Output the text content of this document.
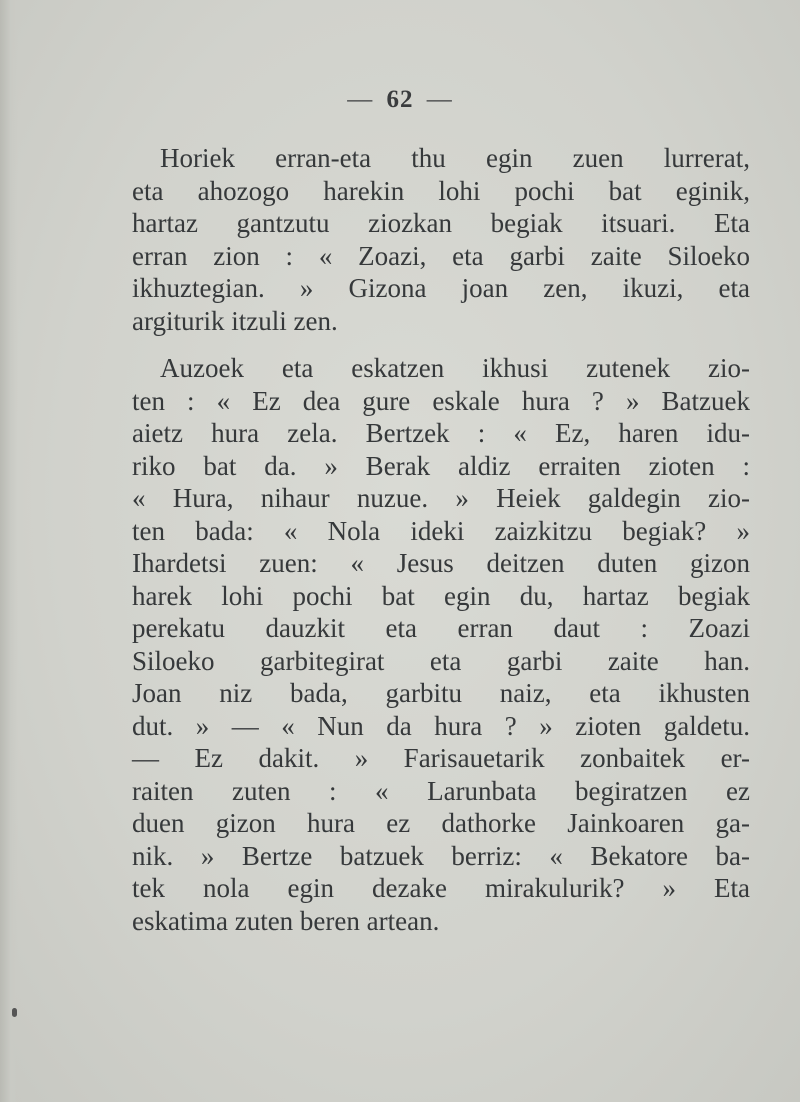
— 62 —

Horiek erran-eta thu egin zuen lurrerat,
eta ahozogo harekin lohi pochi bat eginik,
hartaz gantzutu ziozkan begiak itsuari. Eta
erran zion : « Zoazi, eta garbi zaite Siloeko
ikhuztegian. » Gizona joan zen, ikuzi, eta
argiturik itzuli zen.

Auzoek eta eskatzen ikhusi zutenek zio-
ten : « Ez dea gure eskale hura ? » Batzuek
aietz hura zela. Bertzek : « Ez, haren idu-
riko bat da. » Berak aldiz erraiten zioten :
« Hura, nihaur nuzue. » Heiek galdegin zio-
ten bada: « Nola ideki zaizkitzu begiak? »
Ihardetsi zuen: « Jesus deitzen duten gizon
harek lohi pochi bat egin du, hartaz begiak
perekatu dauzkit eta erran daut : Zoazi
Siloeko garbitegirat eta garbi zaite han.
Joan niz bada, garbitu naiz, eta ikhusten
dut. » — « Nun da hura ? » zioten galdetu.
— Ez dakit. » Farisauetarik zonbaitek er-
raiten zuten : « Larunbata begiratzen ez
duen gizon hura ez dathorke Jainkoaren ga-
nik. » Bertze batzuek berriz: « Bekatore ba-
tek nola egin dezake mirakulurik? » Eta
eskatima zuten beren artean.
